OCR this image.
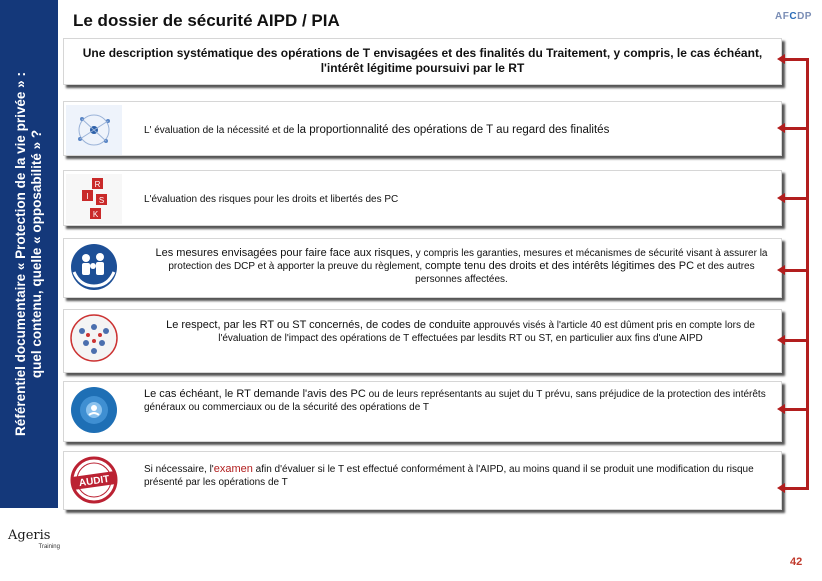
Référentiel documentaire « Protection de la vie privée » : quel contenu, quelle « opposabilité » ?
Le dossier de sécurité AIPD / PIA	AFCDP
Une description systématique des opérations de T envisagées et des finalités du Traitement, y compris, le cas échéant, l'intérêt légitime poursuivi par le RT
L' évaluation de la nécessité et de la proportionnalité des opérations de T au regard des finalités
R
I S
K
L'évaluation des risques pour les droits et libertés des PC
Les mesures envisagées pour faire face aux risques, y compris les garanties, mesures et mécanismes de sécurité visant à assurer la protection des DCP et à apporter la preuve du règlement, compte tenu des droits et des intérêts légitimes des PC et des autres personnes affectées.
Le respect, par les RT ou ST concernés, de codes de conduite approuvés visés à l'article 40 est dûment pris en compte lors de l'évaluation de l'impact des opérations de T effectuées par lesdits RT ou ST, en particulier aux fins d'une AIPD
Le cas échéant, le RT demande l'avis des PC ou de leurs représentants au sujet du T prévu, sans préjudice de la protection des intérêts généraux ou commerciaux ou de la sécurité des opérations de T
AUDIT
Si nécessaire, l'examen afin d'évaluer si le T est effectué conformément à l'AIPD, au moins quand il se produit une modification du risque présenté par les opérations de T
Ageris
Training
42
